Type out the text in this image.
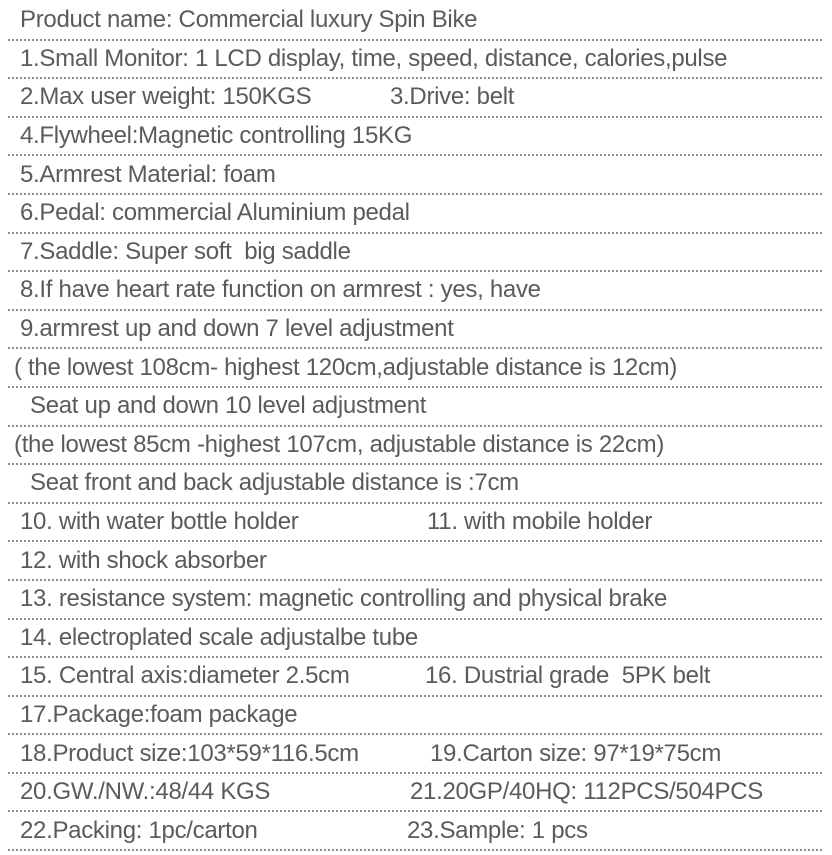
Product name: Commercial luxury Spin Bike
1.Small Monitor: 1 LCD display, time, speed, distance, calories,pulse
2.Max user weight: 150KGS	3.Drive: belt
4.Flywheel:Magnetic controlling 15KG
5.Armrest Material: foam
6.Pedal: commercial Aluminium pedal
7.Saddle: Super soft  big saddle
8.If have heart rate function on armrest : yes, have
9.armrest up and down 7 level adjustment
( the lowest 108cm- highest 120cm,adjustable distance is 12cm)
Seat up and down 10 level adjustment
(the lowest 85cm -highest 107cm, adjustable distance is 22cm)
Seat front and back adjustable distance is :7cm
10. with water bottle holder	11. with mobile holder
12. with shock absorber
13. resistance system: magnetic controlling and physical brake
14. electroplated scale adjustalbe tube
15. Central axis:diameter 2.5cm	16. Dustrial grade  5PK belt
17.Package:foam package
18.Product size:103*59*116.5cm	19.Carton size: 97*19*75cm
20.GW./NW.:48/44 KGS	21.20GP/40HQ: 112PCS/504PCS
22.Packing: 1pc/carton	23.Sample: 1 pcs
